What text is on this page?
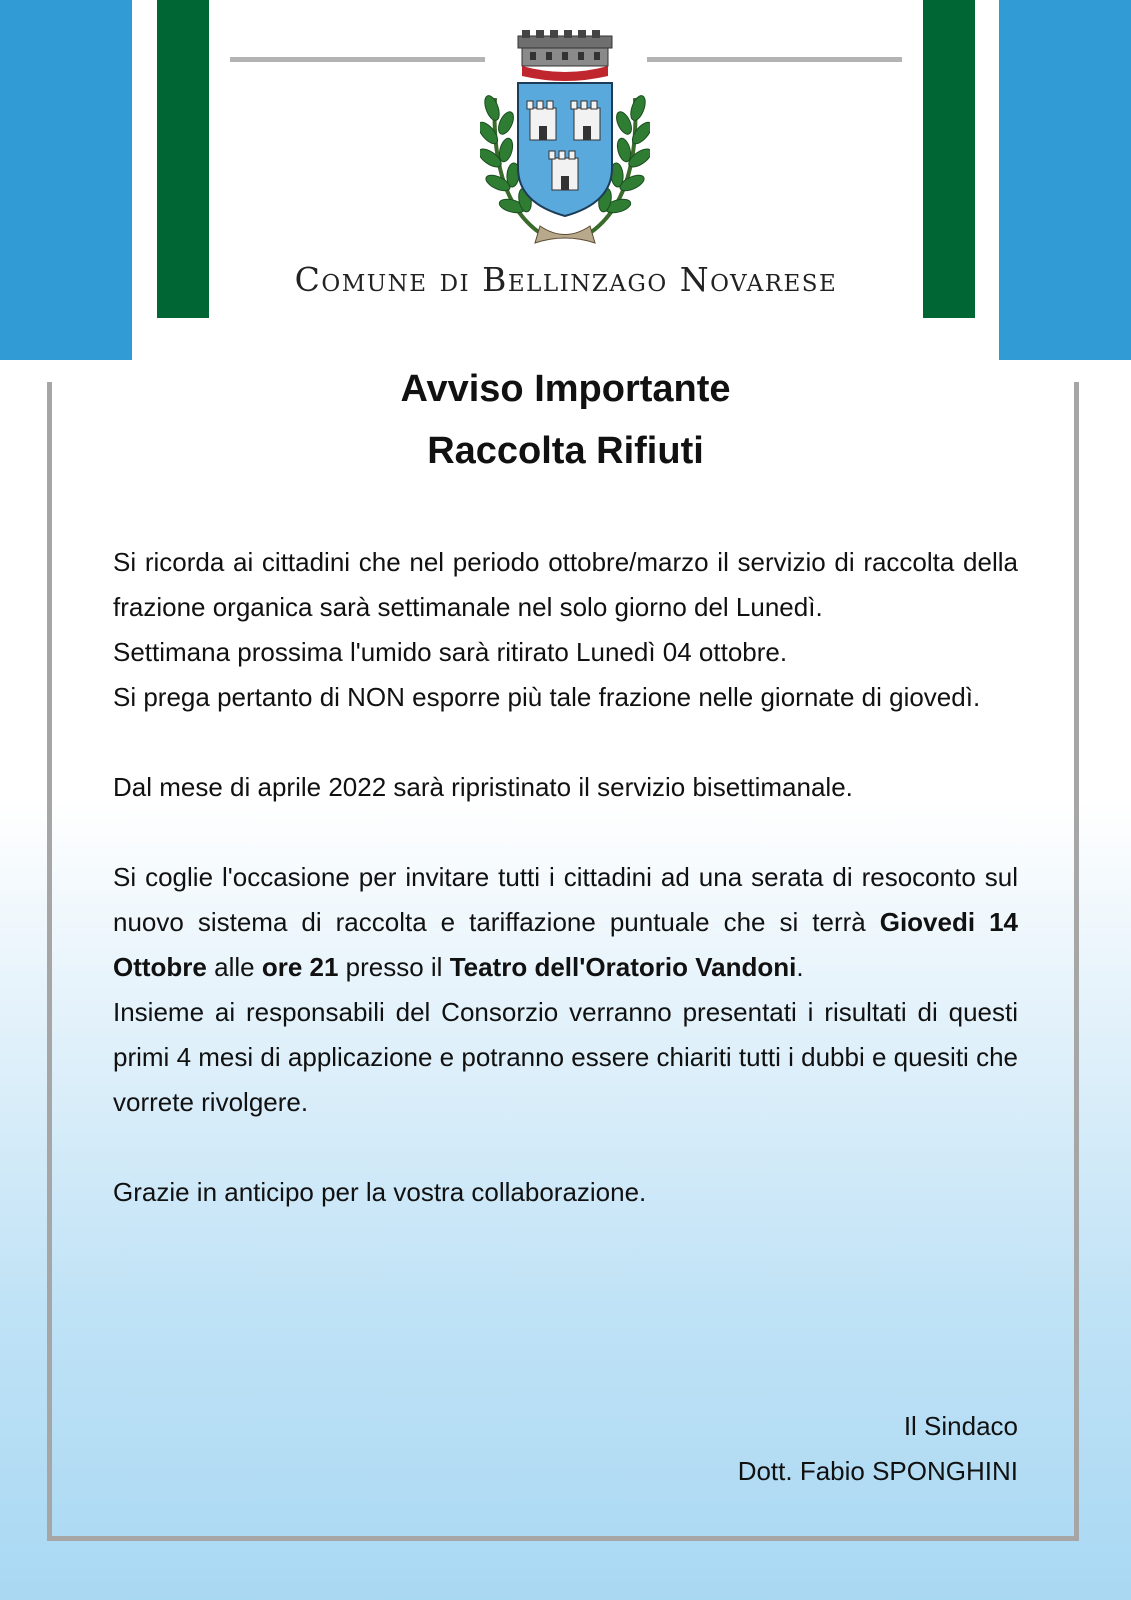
Comune di Bellinzago Novarese
Avviso Importante
Raccolta Rifiuti

Si ricorda ai cittadini che nel periodo ottobre/marzo il servizio di raccolta della frazione organica sarà settimanale nel solo giorno del Lunedì.

Settimana prossima l'umido sarà ritirato Lunedì 04 ottobre.

Si prega pertanto di NON esporre più tale frazione nelle giornate di giovedì.

Dal mese di aprile 2022 sarà ripristinato il servizio bisettimanale.

Si coglie l'occasione per invitare tutti i cittadini ad una serata di resoconto sul nuovo sistema di raccolta e tariffazione puntuale che si terrà Giovedi 14 Ottobre alle ore 21 presso il Teatro dell'Oratorio Vandoni.

Insieme ai responsabili del Consorzio verranno presentati i risultati di questi primi 4 mesi di applicazione e potranno essere chiariti tutti i dubbi e quesiti che vorrete rivolgere.

Grazie in anticipo per la vostra collaborazione.

Il Sindaco
Dott. Fabio SPONGHINI
